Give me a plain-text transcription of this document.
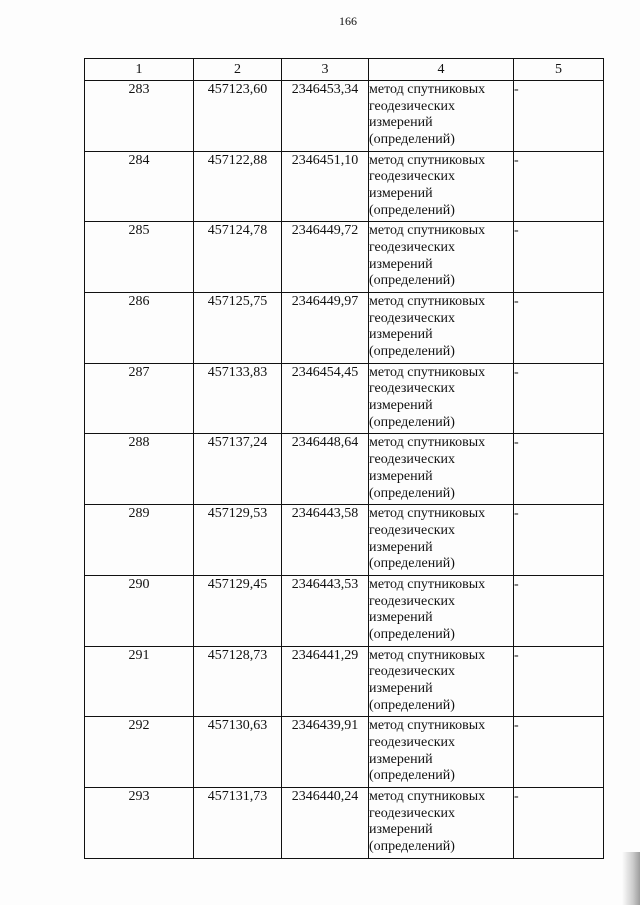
166
1	2	3	4	5
283	457123,60	2346453,34	метод спутниковых
геодезических
измерений
(определений)	-
284	457122,88	2346451,10	метод спутниковых
геодезических
измерений
(определений)	-
285	457124,78	2346449,72	метод спутниковых
геодезических
измерений
(определений)	-
286	457125,75	2346449,97	метод спутниковых
геодезических
измерений
(определений)	-
287	457133,83	2346454,45	метод спутниковых
геодезических
измерений
(определений)	-
288	457137,24	2346448,64	метод спутниковых
геодезических
измерений
(определений)	-
289	457129,53	2346443,58	метод спутниковых
геодезических
измерений
(определений)	-
290	457129,45	2346443,53	метод спутниковых
геодезических
измерений
(определений)	-
291	457128,73	2346441,29	метод спутниковых
геодезических
измерений
(определений)	-
292	457130,63	2346439,91	метод спутниковых
геодезических
измерений
(определений)	-
293	457131,73	2346440,24	метод спутниковых
геодезических
измерений
(определений)	-
